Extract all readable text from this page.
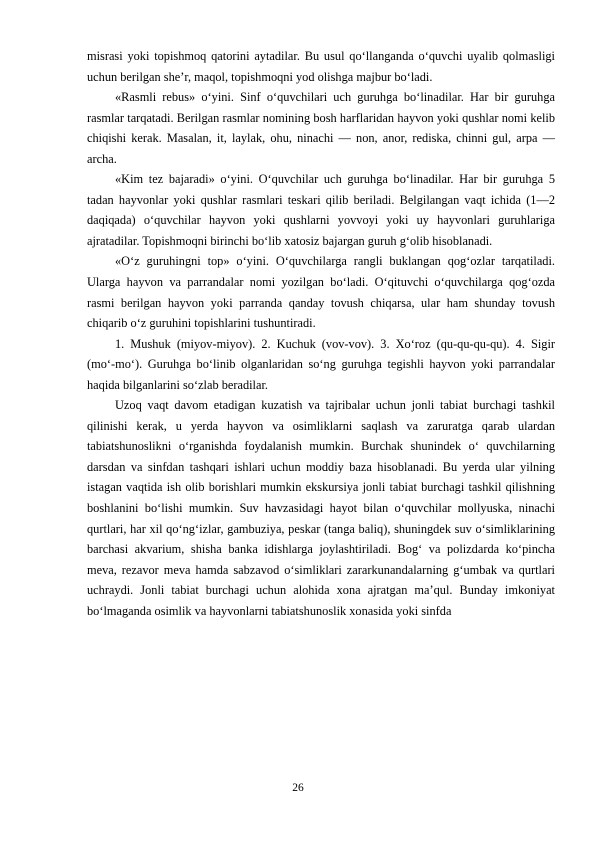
misrasi yoki topishmoq qatorini aytadilar. Bu usul qo‘llanganda o‘quvchi uyalib qolmasligi uchun berilgan she’r, maqol, topishmoqni yod olishga majbur bo‘ladi.

«Rasmli rebus» o‘yini. Sinf o‘quvchilari uch guruhga bo‘linadilar. Har bir guruhga rasmlar tarqatadi. Berilgan rasmlar nomining bosh harflaridan hayvon yoki qushlar nomi kelib chiqishi kerak. Masalan, it, laylak, ohu, ninachi — non, anor, rediska, chinni gul, arpa — archa.

«Kim tez bajaradi» o‘yini. O‘quvchilar uch guruhga bo‘linadilar. Har bir guruhga 5 tadan hayvonlar yoki qushlar rasmlari teskari qilib beriladi. Belgilangan vaqt ichida (1—2 daqiqada) o‘quvchilar hayvon yoki qushlarni yovvoyi yoki uy hayvonlari guruhlariga ajratadilar. Topishmoqni birinchi bo‘lib xatosiz bajargan guruh g‘olib hisoblanadi.

«O‘z guruhingni top» o‘yini. O‘quvchilarga rangli buklangan qog‘ozlar tarqatiladi. Ularga hayvon va parrandalar nomi yozilgan bo‘ladi. O‘qituvchi o‘quvchilarga qog‘ozda rasmi berilgan hayvon yoki parranda qanday tovush chiqarsa, ular ham shunday tovush chiqarib o‘z guruhini topishlarini tushuntiradi.

1. Mushuk (miyov-miyov). 2. Kuchuk (vov-vov). 3. Xo‘roz (qu-qu-qu-qu). 4. Sigir (mo‘-mo‘). Guruhga bo‘linib olganlaridan so‘ng guruhga tegishli hayvon yoki parrandalar haqida bilganlarini so‘zlab beradilar.

Uzoq vaqt davom etadigan kuzatish va tajribalar uchun jonli tabiat burchagi tashkil qilinishi kerak, u yerda hayvon va osimliklarni saqlash va zaruratga qarab ulardan tabiatshunoslikni o‘rganishda foydalanish mumkin. Burchak shunindek o‘ quvchilarning darsdan va sinfdan tashqari ishlari uchun moddiy baza hisoblanadi. Bu yerda ular yilning istagan vaqtida ish olib borishlari mumkin ekskursiya jonli tabiat burchagi tashkil qilishning boshlanini bo‘lishi mumkin. Suv havzasidagi hayot bilan o‘quvchilar mollyuska, ninachi qurtlari, har xil qo‘ng‘izlar, gambuziya, peskar (tanga baliq), shuningdek suv o‘simliklarining barchasi akvarium, shisha banka idishlarga joylashtiriladi. Bog‘ va polizdarda ko‘pincha meva, rezavor meva hamda sabzavod o‘simliklari zararkunandalarning g‘umbak va qurtlari uchraydi. Jonli tabiat burchagi uchun alohida xona ajratgan ma’qul. Bunday imkoniyat bo‘lmaganda osimlik va hayvonlarni tabiatshunoslik xonasida yoki sinfda

26
